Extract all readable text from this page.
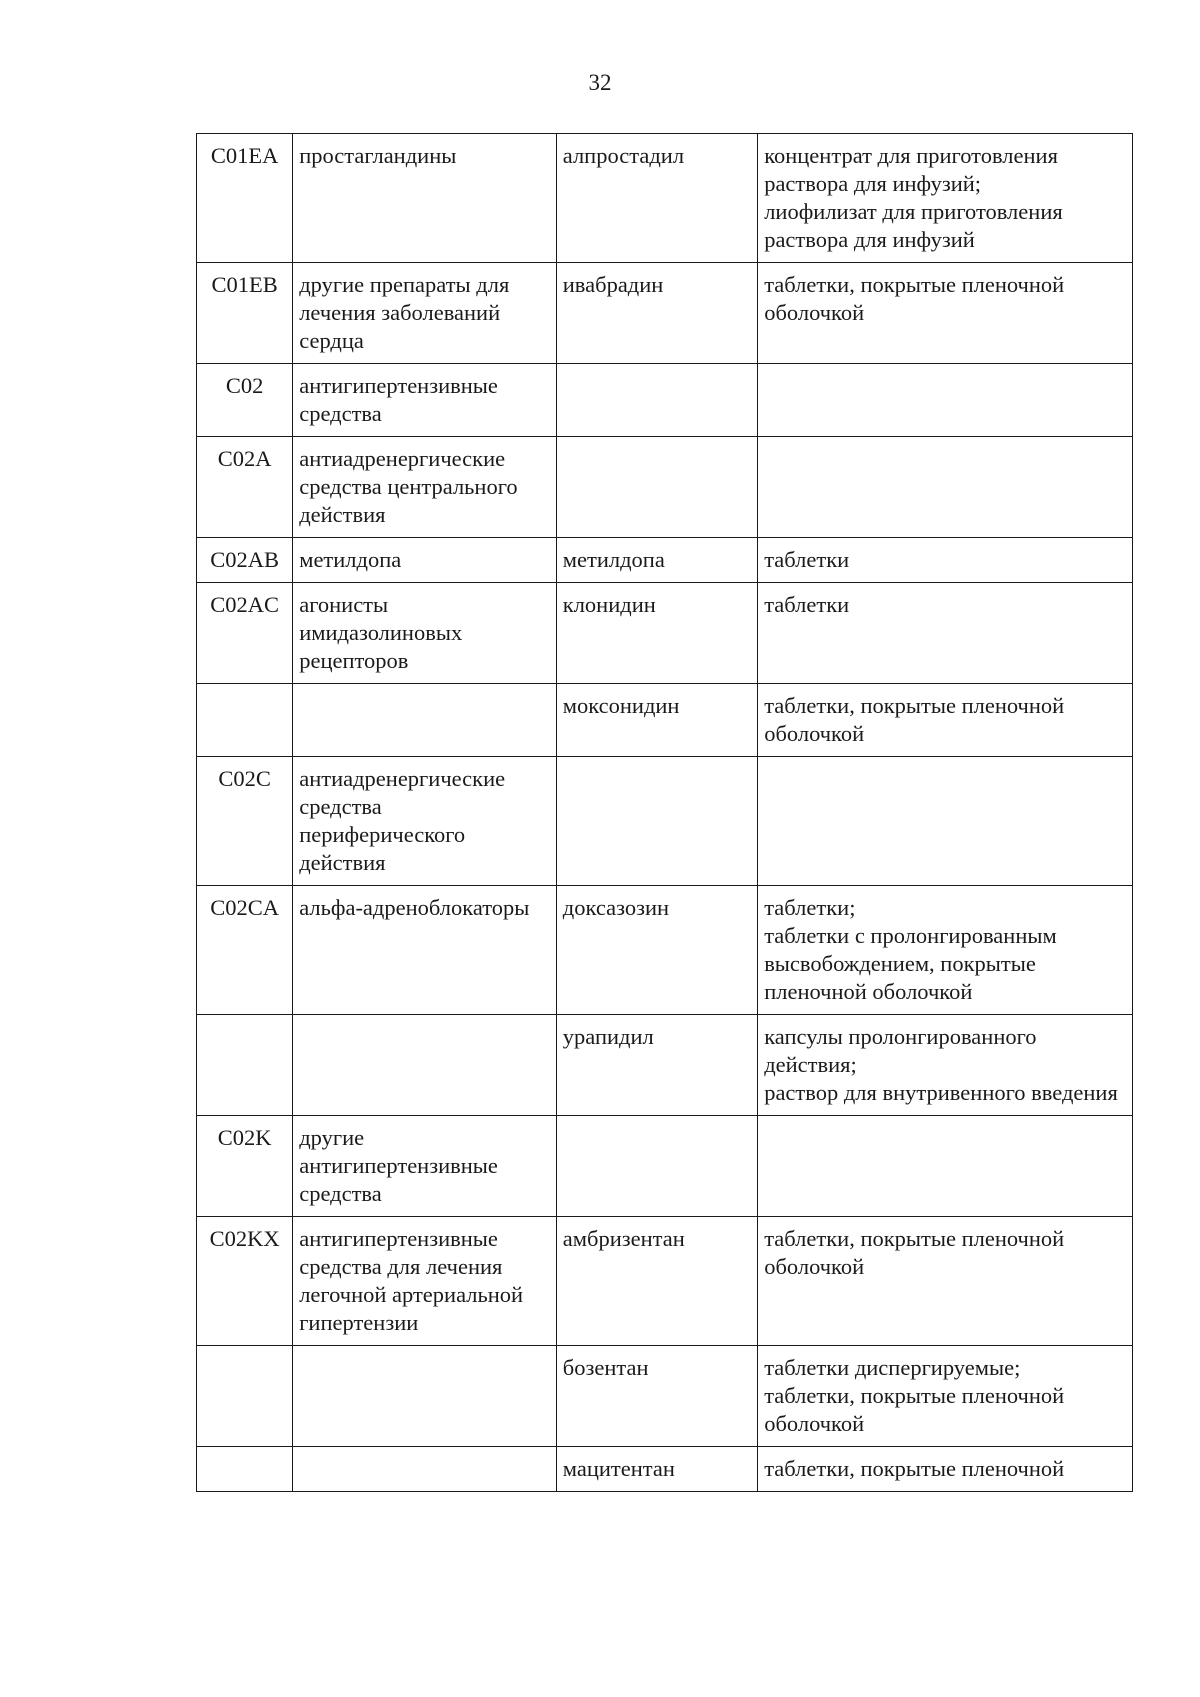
32
C01EA	простагландины	алпростадил	концентрат для приготовления раствора для инфузий;
лиофилизат для приготовления раствора для инфузий

C01EB	другие препараты для лечения заболеваний сердца	ивабрадин	таблетки, покрытые пленочной оболочкой

C02	антигипертензивные средства		
C02A	антиадренергические средства центрального действия		
C02AB	метилдопа	метилдопа	таблетки

C02AC	агонисты имидазолиновых рецепторов	клонидин	таблетки

		моксонидин	таблетки, покрытые пленочной оболочкой

C02C	антиадренергические средства периферического действия		
C02CA	альфа-адреноблокаторы	доксазозин	таблетки;
таблетки с пролонгированным высвобождением, покрытые пленочной оболочкой

		урапидил	капсулы пролонгированного действия;
раствор для внутривенного введения

C02K	другие антигипертензивные средства		
C02KX	антигипертензивные средства для лечения легочной артериальной гипертензии	амбризентан	таблетки, покрытые пленочной оболочкой

		бозентан	таблетки диспергируемые;
таблетки, покрытые пленочной оболочкой

		мацитентан	таблетки, покрытые пленочной
